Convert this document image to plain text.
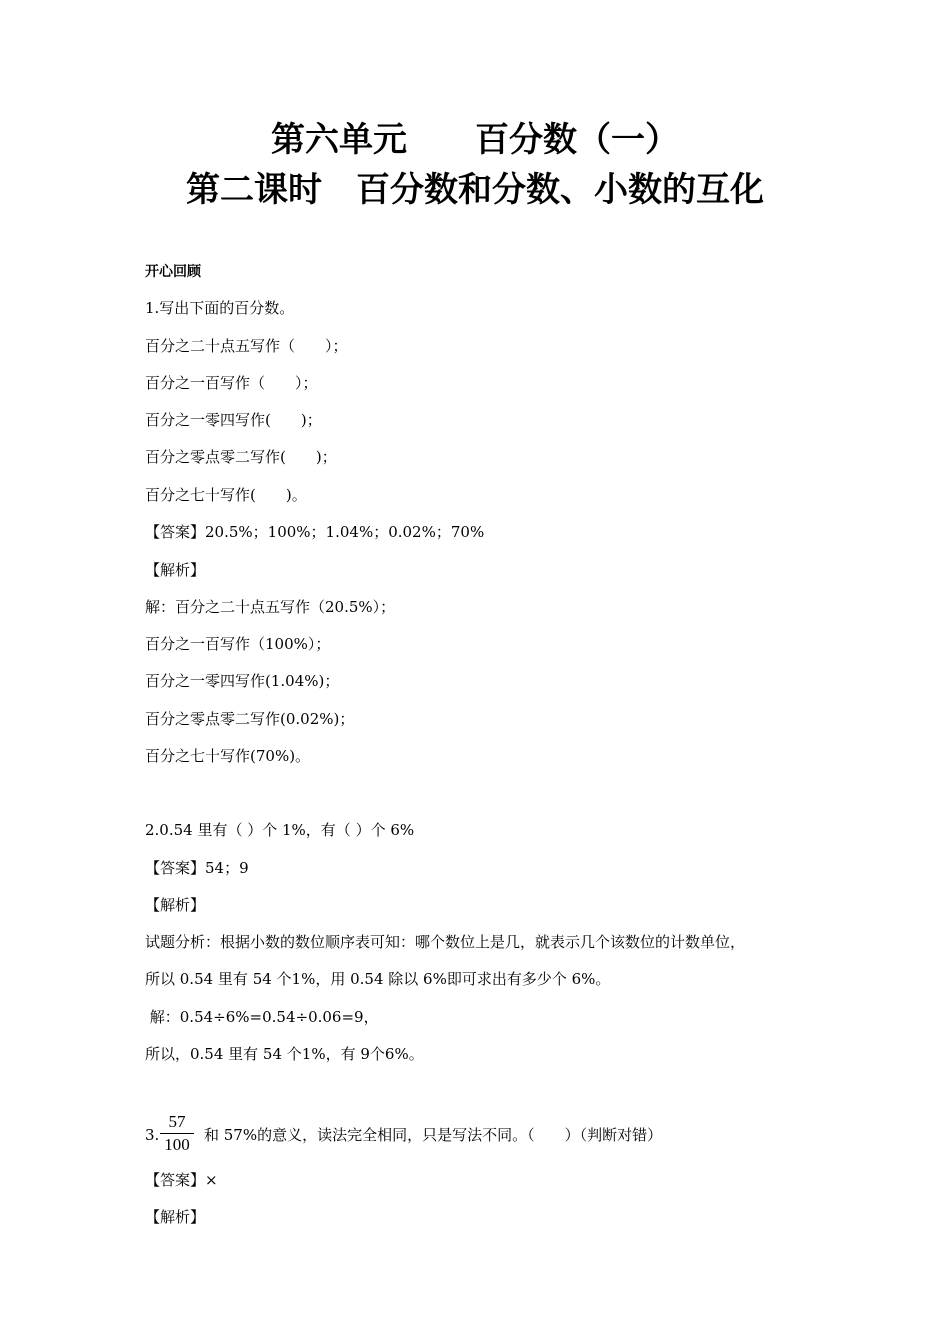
第六单元　　百分数（一）
第二课时　百分数和分数、小数的互化
开心回顾
1.写出下面的百分数。
百分之二十点五写作（　　）；
百分之一百写作（　　）；
百分之一零四写作(　　)；
百分之零点零二写作(　　)；
百分之七十写作(　　)。
【答案】20.5%；100%；1.04%；0.02%；70%
【解析】
解：百分之二十点五写作（20.5%）；
百分之一百写作（100%）；
百分之一零四写作(1.04%)；
百分之零点零二写作(0.02%)；
百分之七十写作(70%)。
2.0.54 里有（ ）个 1%，有（ ）个 6%
【答案】54；9
【解析】
试题分析：根据小数的数位顺序表可知：哪个数位上是几，就表示几个该数位的计数单位，
所以 0.54 里有 54 个1%，用 0.54 除以 6%即可求出有多少个 6%。
解：0.54÷6%=0.54÷0.06=9，
所以，0.54 里有 54 个1%，有 9个6%。
3. $\frac{57}{100}$ 和 57%的意义，读法完全相同，只是写法不同。（　　）（判断对错）
【答案】×
【解析】
